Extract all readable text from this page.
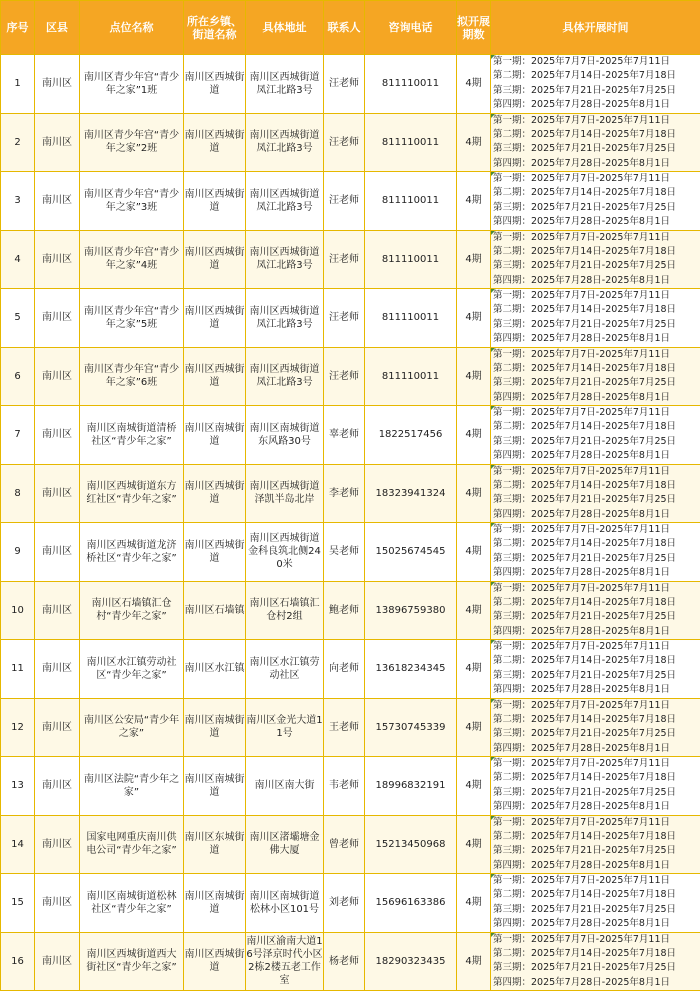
序号	区县	点位名称	所在乡镇、街道名称	具体地址	联系人	咨询电话	拟开展期数	具体开展时间
1	南川区	南川区青少年宫“青少年之家”1班	南川区西城街道	南川区西城街道凤江北路3号	汪老师	811110011	4期	第一期：2025年7月7日-2025年7月11日
第二期：2025年7月14日-2025年7月18日
第三期：2025年7月21日-2025年7月25日
第四期：2025年7月28日-2025年8月1日

2	南川区	南川区青少年宫“青少年之家”2班	南川区西城街道	南川区西城街道凤江北路3号	汪老师	811110011	4期	第一期：2025年7月7日-2025年7月11日
第二期：2025年7月14日-2025年7月18日
第三期：2025年7月21日-2025年7月25日
第四期：2025年7月28日-2025年8月1日

3	南川区	南川区青少年宫“青少年之家”3班	南川区西城街道	南川区西城街道凤江北路3号	汪老师	811110011	4期	第一期：2025年7月7日-2025年7月11日
第二期：2025年7月14日-2025年7月18日
第三期：2025年7月21日-2025年7月25日
第四期：2025年7月28日-2025年8月1日

4	南川区	南川区青少年宫“青少年之家”4班	南川区西城街道	南川区西城街道凤江北路3号	汪老师	811110011	4期	第一期：2025年7月7日-2025年7月11日
第二期：2025年7月14日-2025年7月18日
第三期：2025年7月21日-2025年7月25日
第四期：2025年7月28日-2025年8月1日

5	南川区	南川区青少年宫“青少年之家”5班	南川区西城街道	南川区西城街道凤江北路3号	汪老师	811110011	4期	第一期：2025年7月7日-2025年7月11日
第二期：2025年7月14日-2025年7月18日
第三期：2025年7月21日-2025年7月25日
第四期：2025年7月28日-2025年8月1日

6	南川区	南川区青少年宫“青少年之家”6班	南川区西城街道	南川区西城街道凤江北路3号	汪老师	811110011	4期	第一期：2025年7月7日-2025年7月11日
第二期：2025年7月14日-2025年7月18日
第三期：2025年7月21日-2025年7月25日
第四期：2025年7月28日-2025年8月1日

7	南川区	南川区南城街道清桥社区“青少年之家”	南川区南城街道	南川区南城街道东风路30号	辜老师	1822517456	4期	第一期：2025年7月7日-2025年7月11日
第二期：2025年7月14日-2025年7月18日
第三期：2025年7月21日-2025年7月25日
第四期：2025年7月28日-2025年8月1日

8	南川区	南川区西城街道东方红社区“青少年之家”	南川区西城街道	南川区西城街道泽凯半岛北岸	李老师	18323941324	4期	第一期：2025年7月7日-2025年7月11日
第二期：2025年7月14日-2025年7月18日
第三期：2025年7月21日-2025年7月25日
第四期：2025年7月28日-2025年8月1日

9	南川区	南川区西城街道龙济桥社区“青少年之家”	南川区西城街道	南川区西城街道金科良筑北侧240米	吴老师	15025674545	4期	第一期：2025年7月7日-2025年7月11日
第二期：2025年7月14日-2025年7月18日
第三期：2025年7月21日-2025年7月25日
第四期：2025年7月28日-2025年8月1日

10	南川区	南川区石墙镇汇仓村“青少年之家”	南川区石墙镇	南川区石墙镇汇仓村2组	鲍老师	13896759380	4期	第一期：2025年7月7日-2025年7月11日
第二期：2025年7月14日-2025年7月18日
第三期：2025年7月21日-2025年7月25日
第四期：2025年7月28日-2025年8月1日

11	南川区	南川区水江镇劳动社区“青少年之家”	南川区水江镇	南川区水江镇劳动社区	向老师	13618234345	4期	第一期：2025年7月7日-2025年7月11日
第二期：2025年7月14日-2025年7月18日
第三期：2025年7月21日-2025年7月25日
第四期：2025年7月28日-2025年8月1日

12	南川区	南川区公安局“青少年之家”	南川区南城街道	南川区金光大道11号	王老师	15730745339	4期	第一期：2025年7月7日-2025年7月11日
第二期：2025年7月14日-2025年7月18日
第三期：2025年7月21日-2025年7月25日
第四期：2025年7月28日-2025年8月1日

13	南川区	南川区法院“青少年之家”	南川区南城街道	南川区南大街	韦老师	18996832191	4期	第一期：2025年7月7日-2025年7月11日
第二期：2025年7月14日-2025年7月18日
第三期：2025年7月21日-2025年7月25日
第四期：2025年7月28日-2025年8月1日

14	南川区	国家电网重庆南川供电公司“青少年之家”	南川区东城街道	南川区渚壩塘金佛大厦	曾老师	15213450968	4期	第一期：2025年7月7日-2025年7月11日
第二期：2025年7月14日-2025年7月18日
第三期：2025年7月21日-2025年7月25日
第四期：2025年7月28日-2025年8月1日

15	南川区	南川区南城街道松林社区“青少年之家”	南川区南城街道	南川区南城街道松林小区101号	刘老师	15696163386	4期	第一期：2025年7月7日-2025年7月11日
第二期：2025年7月14日-2025年7月18日
第三期：2025年7月21日-2025年7月25日
第四期：2025年7月28日-2025年8月1日

16	南川区	南川区西城街道西大街社区“青少年之家”	南川区西城街道	南川区渝南大道16号泽京时代小区2栋2楼五老工作室	杨老师	18290323435	4期	第一期：2025年7月7日-2025年7月11日
第二期：2025年7月14日-2025年7月18日
第三期：2025年7月21日-2025年7月25日
第四期：2025年7月28日-2025年8月1日
